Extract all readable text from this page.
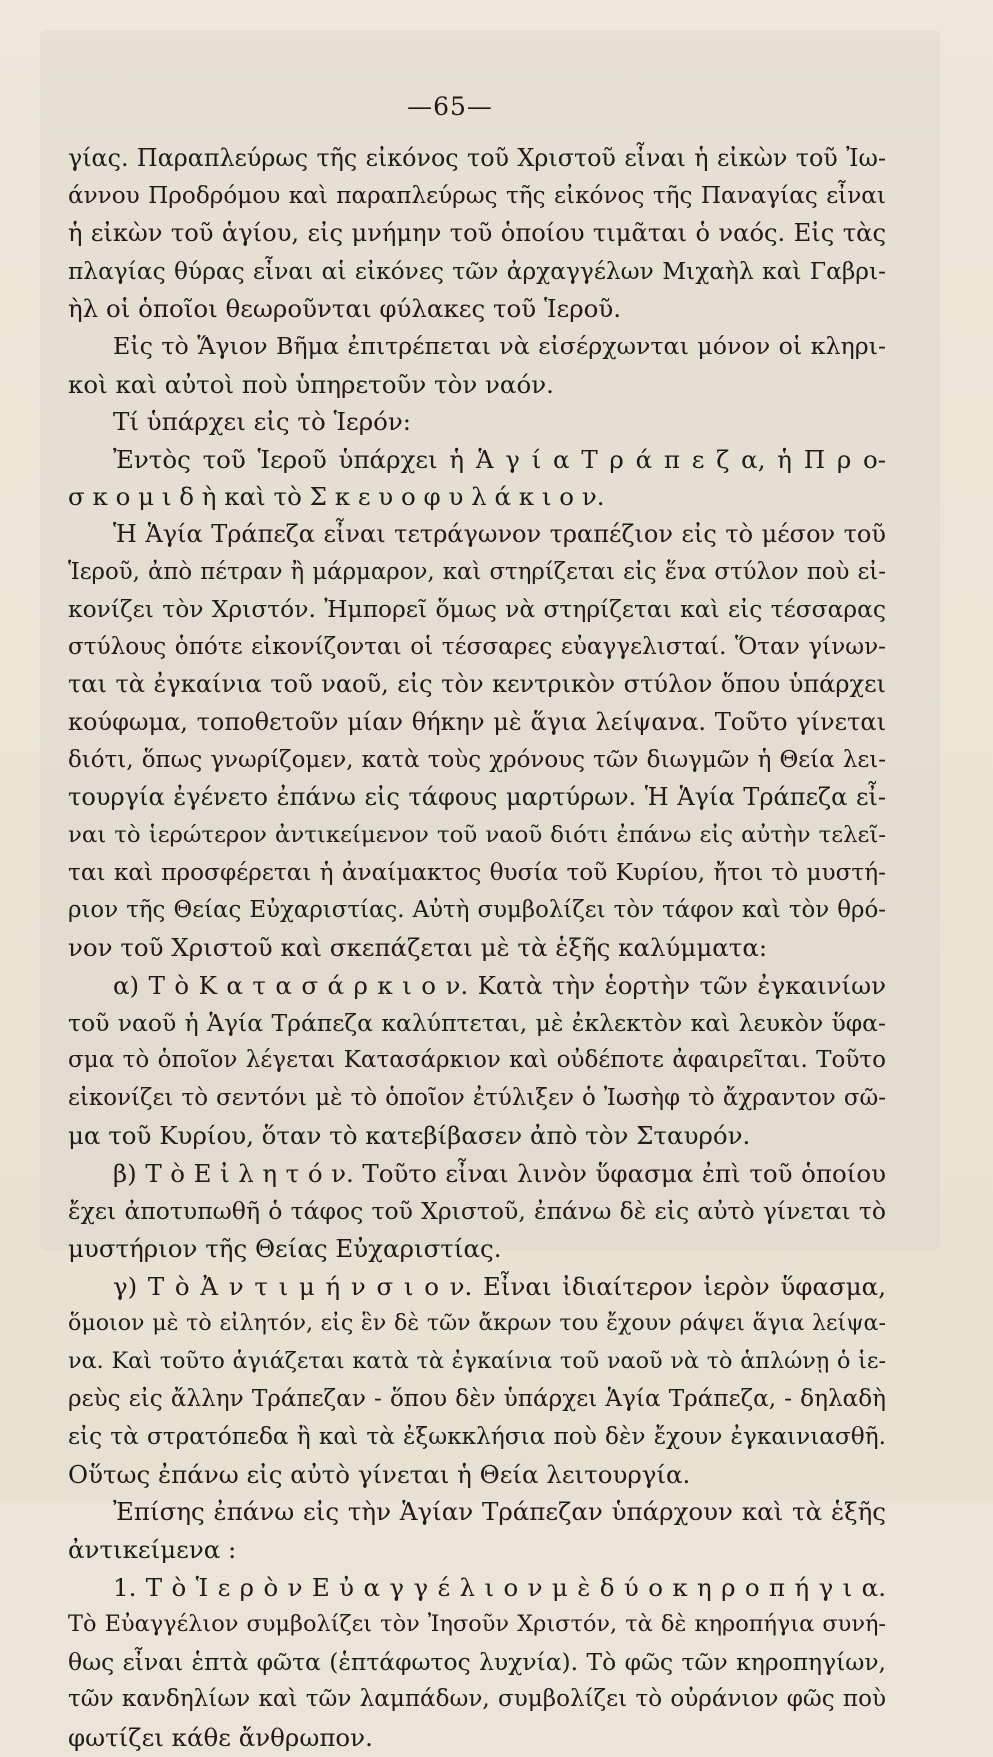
—65—
γίας. Παραπλεύρως τῆς εἰκόνος τοῦ Χριστοῦ εἶναι ἡ εἰκὼν τοῦ Ἰω-
άννου Προδρόμου καὶ παραπλεύρως τῆς εἰκόνος τῆς Παναγίας εἶναι
ἡ εἰκὼν τοῦ ἁγίου, εἰς μνήμην τοῦ ὁποίου τιμᾶται ὁ ναός. Εἰς τὰς
πλαγίας θύρας εἶναι αἱ εἰκόνες τῶν ἀρχαγγέλων Μιχαὴλ καὶ Γαβρι-
ὴλ οἱ ὁποῖοι θεωροῦνται φύλακες τοῦ Ἱεροῦ.
Εἰς τὸ Ἅγιον Βῆμα ἐπιτρέπεται νὰ εἰσέρχωνται μόνον οἱ κληρι-
κοὶ καὶ αὐτοὶ ποὺ ὑπηρετοῦν τὸν ναόν.
Τί ὑπάρχει εἰς τὸ Ἱερόν:
Ἐντὸς τοῦ Ἱεροῦ ὑπάρχει ἡ Ἁ γ ί α Τ ρ ά π ε ζ α, ἡ Π ρ ο-
σ κ ο μ ι δ ὴ καὶ τὸ Σ κ ε υ ο φ υ λ ά κ ι ο ν.
Ἡ Ἁγία Τράπεζα εἶναι τετράγωνον τραπέζιον εἰς τὸ μέσον τοῦ
Ἱεροῦ, ἀπὸ πέτραν ἢ μάρμαρον, καὶ στηρίζεται εἰς ἕνα στύλον ποὺ εἰ-
κονίζει τὸν Χριστόν. Ἠμπορεῖ ὅμως νὰ στηρίζεται καὶ εἰς τέσσαρας
στύλους ὁπότε εἰκονίζονται οἱ τέσσαρες εὐαγγελισταί. Ὅταν γίνων-
ται τὰ ἐγκαίνια τοῦ ναοῦ, εἰς τὸν κεντρικὸν στύλον ὅπου ὑπάρχει
κούφωμα, τοποθετοῦν μίαν θήκην μὲ ἅγια λείψανα. Τοῦτο γίνεται
διότι, ὅπως γνωρίζομεν, κατὰ τοὺς χρόνους τῶν διωγμῶν ἡ Θεία λει-
τουργία ἐγένετο ἐπάνω εἰς τάφους μαρτύρων. Ἡ Ἁγία Τράπεζα εἶ-
ναι τὸ ἱερώτερον ἀντικείμενον τοῦ ναοῦ διότι ἐπάνω εἰς αὐτὴν τελεῖ-
ται καὶ προσφέρεται ἡ ἀναίμακτος θυσία τοῦ Κυρίου, ἤτοι τὸ μυστή-
ριον τῆς Θείας Εὐχαριστίας. Αὐτὴ συμβολίζει τὸν τάφον καὶ τὸν θρό-
νον τοῦ Χριστοῦ καὶ σκεπάζεται μὲ τὰ ἑξῆς καλύμματα:
α) Τ ὸ Κ α τ α σ ά ρ κ ι ο ν. Κατὰ τὴν ἑορτὴν τῶν ἐγκαινίων
τοῦ ναοῦ ἡ Ἁγία Τράπεζα καλύπτεται, μὲ ἐκλεκτὸν καὶ λευκὸν ὕφα-
σμα τὸ ὁποῖον λέγεται Κατασάρκιον καὶ οὐδέποτε ἀφαιρεῖται. Τοῦτο
εἰκονίζει τὸ σεντόνι μὲ τὸ ὁποῖον ἐτύλιξεν ὁ Ἰωσὴφ τὸ ἄχραντον σῶ-
μα τοῦ Κυρίου, ὅταν τὸ κατεβίβασεν ἀπὸ τὸν Σταυρόν.
β) Τ ὸ Ε ἰ λ η τ ό ν. Τοῦτο εἶναι λινὸν ὕφασμα ἐπὶ τοῦ ὁποίου
ἔχει ἀποτυπωθῆ ὁ τάφος τοῦ Χριστοῦ, ἐπάνω δὲ εἰς αὐτὸ γίνεται τὸ
μυστήριον τῆς Θείας Εὐχαριστίας.
γ) Τ ὸ Ἀ ν τ ι μ ή ν σ ι ο ν. Εἶναι ἰδιαίτερον ἱερὸν ὕφασμα,
ὅμοιον μὲ τὸ εἰλητόν, εἰς ἓν δὲ τῶν ἄκρων του ἔχουν ράψει ἅγια λείψα-
να. Καὶ τοῦτο ἁγιάζεται κατὰ τὰ ἐγκαίνια τοῦ ναοῦ νὰ τὸ ἁπλώνῃ ὁ ἱε-
ρεὺς εἰς ἄλλην Τράπεζαν - ὅπου δὲν ὑπάρχει Ἁγία Τράπεζα, - δηλαδὴ
εἰς τὰ στρατόπεδα ἢ καὶ τὰ ἐξωκκλήσια ποὺ δὲν ἔχουν ἐγκαινιασθῆ.
Οὕτως ἐπάνω εἰς αὐτὸ γίνεται ἡ Θεία λειτουργία.
Ἐπίσης ἐπάνω εἰς τὴν Ἁγίαν Τράπεζαν ὑπάρχουν καὶ τὰ ἑξῆς
ἀντικείμενα :
1. Τ ὸ Ἱ ε ρ ὸ ν Ε ὐ α γ γ έ λ ι ο ν μ ὲ δ ύ ο κ η ρ ο π ή γ ι α.
Τὸ Εὐαγγέλιον συμβολίζει τὸν Ἰησοῦν Χριστόν, τὰ δὲ κηροπήγια συνή-
θως εἶναι ἑπτὰ φῶτα (ἑπτάφωτος λυχνία). Τὸ φῶς τῶν κηροπηγίων,
τῶν κανδηλίων καὶ τῶν λαμπάδων, συμβολίζει τὸ οὐράνιον φῶς ποὺ
φωτίζει κάθε ἄνθρωπον.
